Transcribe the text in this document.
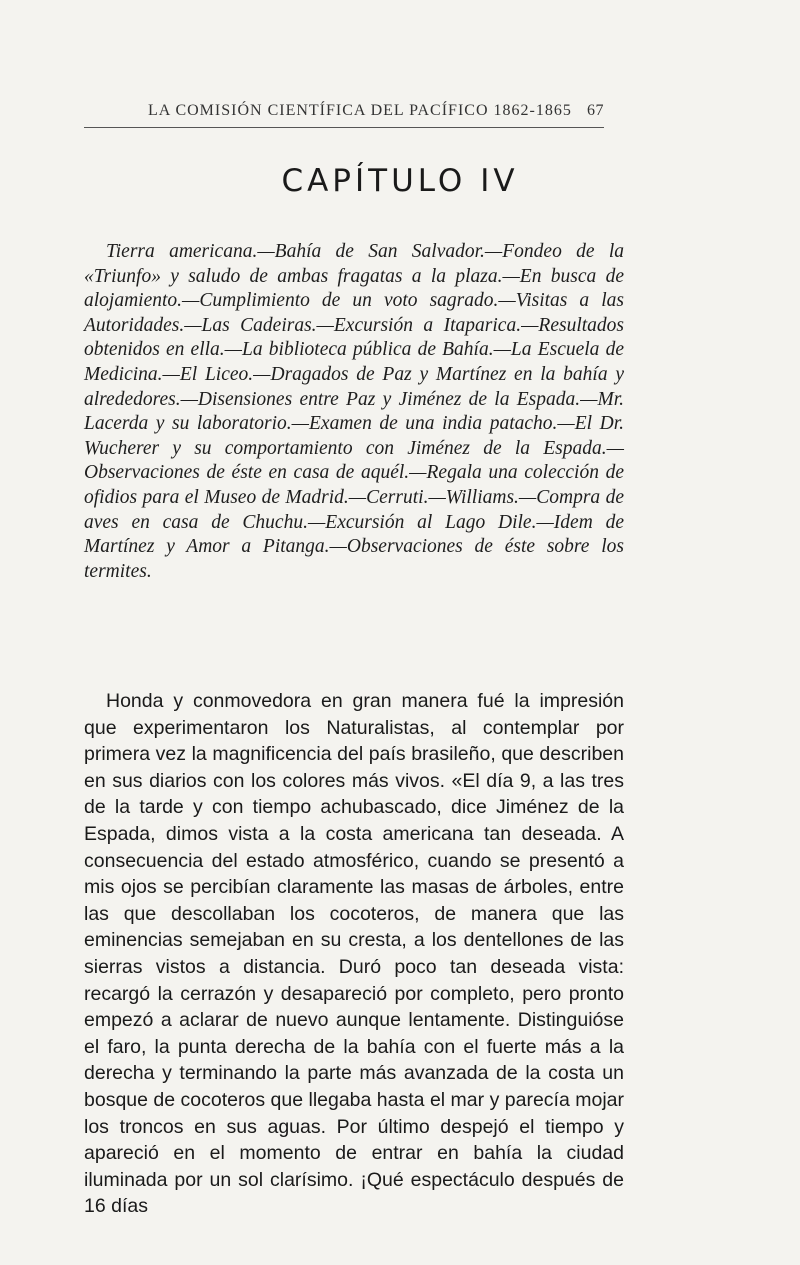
LA COMISIÓN CIENTÍFICA DEL PACÍFICO 1862-1865 67
CAPÍTULO IV

Tierra americana.—Bahía de San Salvador.—Fondeo de la «Triunfo» y saludo de ambas fragatas a la plaza.—En busca de alojamiento.—Cumplimiento de un voto sagrado.—Visitas a las Autoridades.—Las Cadeiras.—Excursión a Itaparica.—Resultados obtenidos en ella.—La biblioteca pública de Bahía.—La Escuela de Medicina.—El Liceo.—Dragados de Paz y Martínez en la bahía y alrededores.—Disensiones entre Paz y Jiménez de la Espada.—Mr. Lacerda y su laboratorio.—Examen de una india patacho.—El Dr. Wucherer y su comportamiento con Jiménez de la Espada.—Observaciones de éste en casa de aquél.—Regala una colección de ofidios para el Museo de Madrid.—Cerruti.—Williams.—Compra de aves en casa de Chuchu.—Excursión al Lago Dile.—Idem de Martínez y Amor a Pitanga.—Observaciones de éste sobre los termites.

Honda y conmovedora en gran manera fué la impresión que experimentaron los Naturalistas, al contemplar por primera vez la magnificencia del país brasileño, que describen en sus diarios con los colores más vivos. «El día 9, a las tres de la tarde y con tiempo achubascado, dice Jiménez de la Espada, dimos vista a la costa americana tan deseada. A consecuencia del estado atmosférico, cuando se presentó a mis ojos se percibían claramente las masas de árboles, entre las que descollaban los cocoteros, de manera que las eminencias semejaban en su cresta, a los dentellones de las sierras vistos a distancia. Duró poco tan deseada vista: recargó la cerrazón y desapareció por completo, pero pronto empezó a aclarar de nuevo aunque lentamente. Distinguióse el faro, la punta derecha de la bahía con el fuerte más a la derecha y terminando la parte más avanzada de la costa un bosque de cocoteros que llegaba hasta el mar y parecía mojar los troncos en sus aguas. Por último despejó el tiempo y apareció en el momento de entrar en bahía la ciudad iluminada por un sol clarísimo. ¡Qué espectáculo después de 16 días
